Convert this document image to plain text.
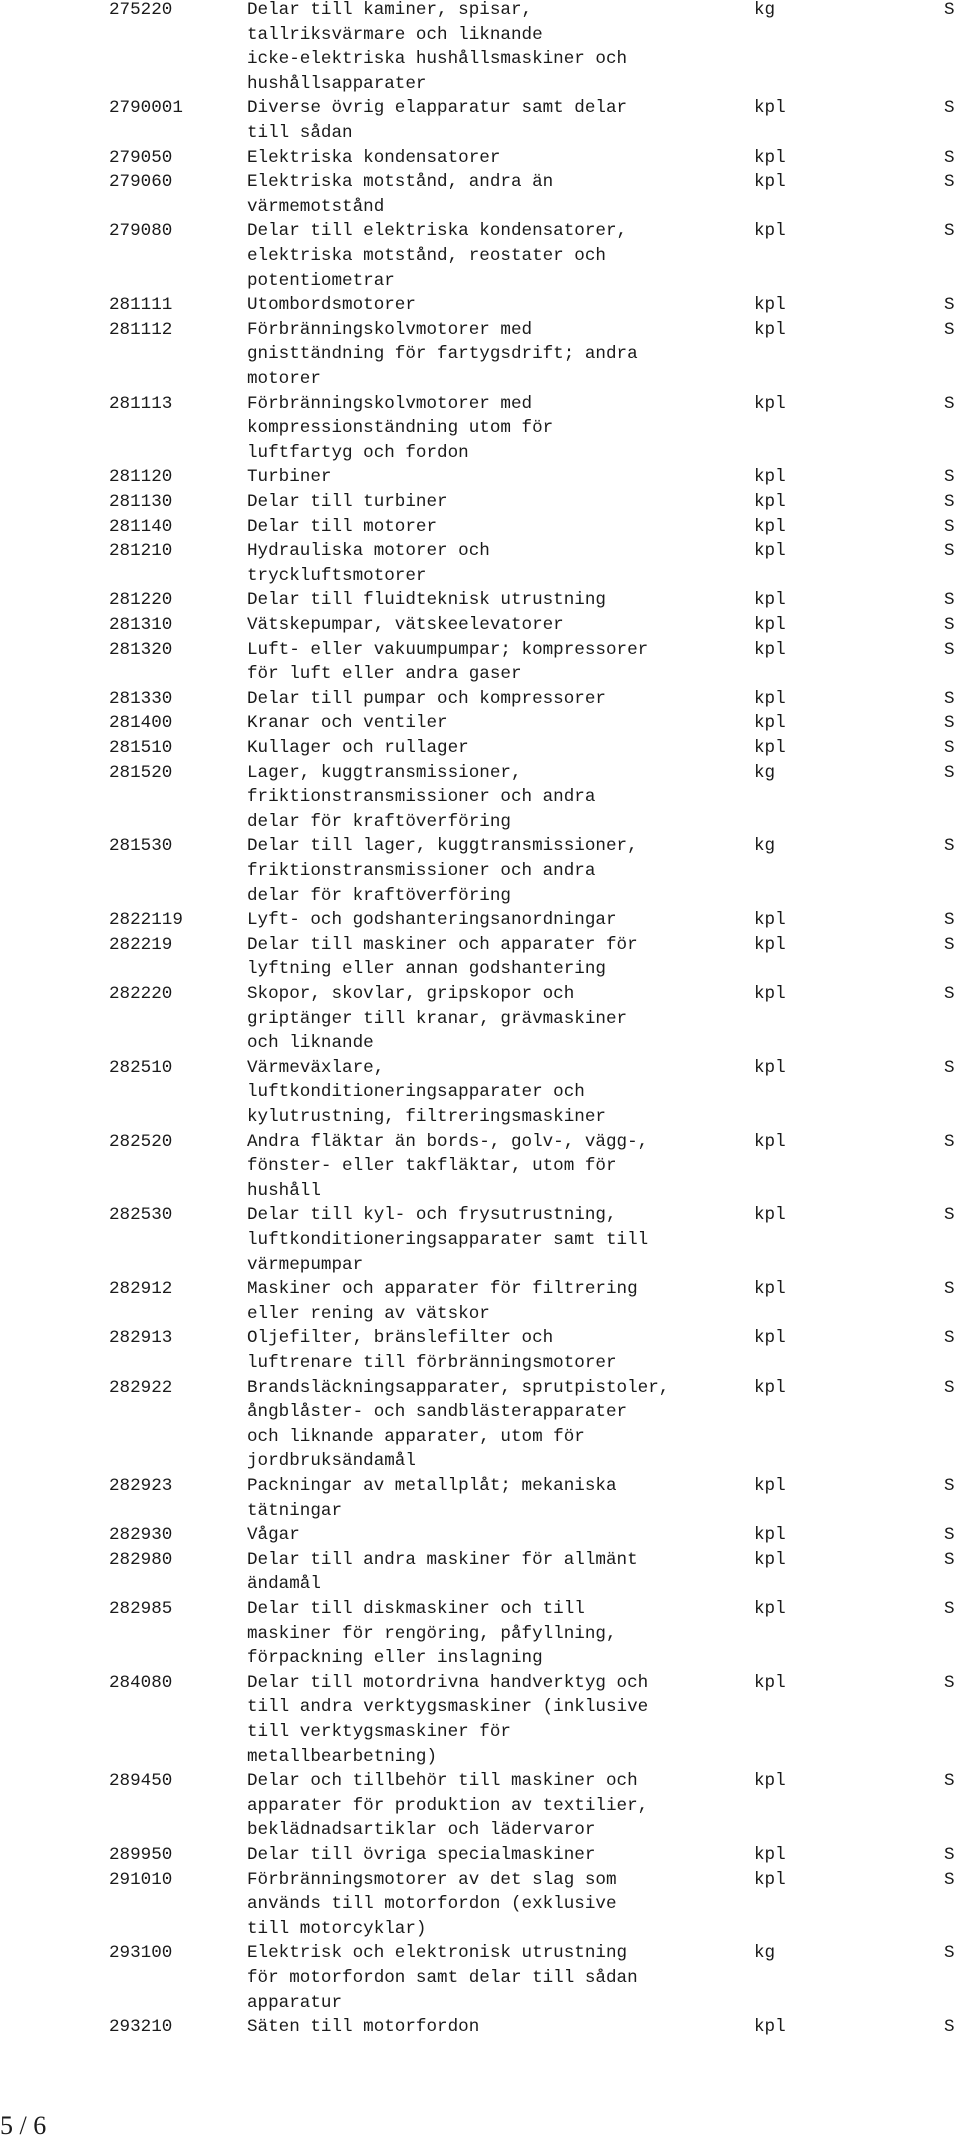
275220	Delar till kaminer, spisar,
tallriksvärmare och liknande
icke-elektriska hushållsmaskiner och
hushållsapparater
kg	S
2790001	Diverse övrig elapparatur samt delar
till sådan
kpl	S
279050	Elektriska kondensatorer	kpl	S
279060	Elektriska motstånd, andra än
värmemotstånd
kpl	S
279080	Delar till elektriska kondensatorer,
elektriska motstånd, reostater och
potentiometrar
kpl	S
281111	Utombordsmotorer	kpl	S
281112	Förbränningskolvmotorer med
gnisttändning för fartygsdrift; andra
motorer
kpl	S
281113	Förbränningskolvmotorer med
kompressionständning utom för
luftfartyg och fordon
kpl	S
281120	Turbiner	kpl	S
281130	Delar till turbiner	kpl	S
281140	Delar till motorer	kpl	S
281210	Hydrauliska motorer och
tryckluftsmotorer
kpl	S
281220	Delar till fluidteknisk utrustning	kpl	S
281310	Vätskepumpar, vätskeelevatorer	kpl	S
281320	Luft- eller vakuumpumpar; kompressorer
för luft eller andra gaser
kpl	S
281330	Delar till pumpar och kompressorer	kpl	S
281400	Kranar och ventiler	kpl	S
281510	Kullager och rullager	kpl	S
281520	Lager, kuggtransmissioner,
friktionstransmissioner och andra
delar för kraftöverföring
kg	S
281530	Delar till lager, kuggtransmissioner,
friktionstransmissioner och andra
delar för kraftöverföring
kg	S
2822119	Lyft- och godshanteringsanordningar	kpl	S
282219	Delar till maskiner och apparater för
lyftning eller annan godshantering
kpl	S
282220	Skopor, skovlar, gripskopor och
griptänger till kranar, grävmaskiner
och liknande
kpl	S
282510	Värmeväxlare,
luftkonditioneringsapparater och
kylutrustning, filtreringsmaskiner
kpl	S
282520	Andra fläktar än bords-, golv-, vägg-,
fönster- eller takfläktar, utom för
hushåll
kpl	S
282530	Delar till kyl- och frysutrustning,
luftkonditioneringsapparater samt till
värmepumpar
kpl	S
282912	Maskiner och apparater för filtrering
eller rening av vätskor
kpl	S
282913	Oljefilter, bränslefilter och
luftrenare till förbränningsmotorer
kpl	S
282922	Brandsläckningsapparater, sprutpistoler,
ångblåster- och sandblästerapparater
och liknande apparater, utom för
jordbruksändamål
kpl	S
282923	Packningar av metallplåt; mekaniska
tätningar
kpl	S
282930	Vågar	kpl	S
282980	Delar till andra maskiner för allmänt
ändamål
kpl	S
282985	Delar till diskmaskiner och till
maskiner för rengöring, påfyllning,
förpackning eller inslagning
kpl	S
284080	Delar till motordrivna handverktyg och
till andra verktygsmaskiner (inklusive
till verktygsmaskiner för
metallbearbetning)
kpl	S
289450	Delar och tillbehör till maskiner och
apparater för produktion av textilier,
beklädnadsartiklar och lädervaror
kpl	S
289950	Delar till övriga specialmaskiner	kpl	S
291010	Förbränningsmotorer av det slag som
används till motorfordon (exklusive
till motorcyklar)
kpl	S
293100	Elektrisk och elektronisk utrustning
för motorfordon samt delar till sådan
apparatur
kg	S
293210	Säten till motorfordon	kpl	S
5 / 6
